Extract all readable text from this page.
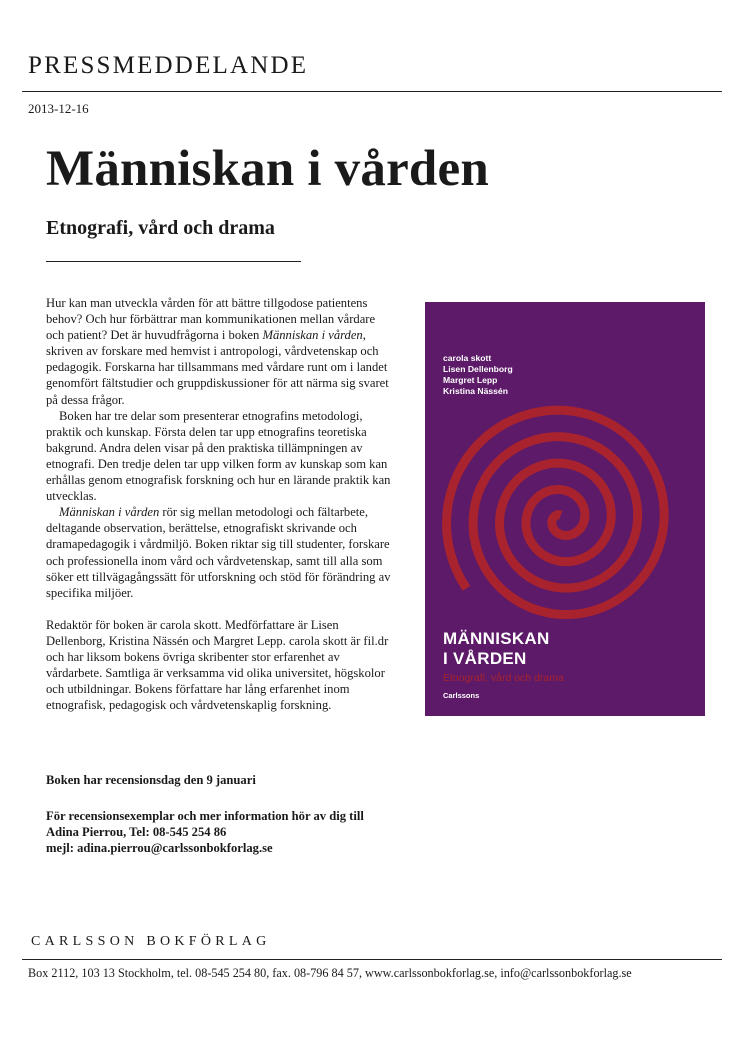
PRESSMEDDELANDE
2013-12-16
Människan i vården
Etnografi, vård och drama

Hur kan man utveckla vården för att bättre tillgodose patientens behov? Och hur förbättrar man kommunikationen mellan vårdare och patient? Det är huvudfrågorna i boken Människan i vården, skriven av forskare med hemvist i antropologi, vårdvetenskap och pedagogik. Forskarna har tillsammans med vårdare runt om i landet genomfört fältstudier och gruppdiskussioner för att närma sig svaret på dessa frågor.

Boken har tre delar som presenterar etnografins metodologi, praktik och kunskap. Första delen tar upp etnografins teoretiska bakgrund. Andra delen visar på den praktiska tillämpningen av etnografi. Den tredje delen tar upp vilken form av kunskap som kan erhållas genom etnografisk forskning och hur en lärande praktik kan utvecklas.

Människan i vården rör sig mellan metodologi och fältarbete, deltagande observation, berättelse, etnografiskt skrivande och dramapedagogik i vårdmiljö. Boken riktar sig till studenter, forskare och professionella inom vård och vårdvetenskap, samt till alla som söker ett tillvägagångssätt för utforskning och stöd för förändring av specifika miljöer.

Redaktör för boken är carola skott. Medförfattare är Lisen Dellenborg, Kristina Nässén och Margret Lepp. carola skott är fil.dr och har liksom bokens övriga skribenter stor erfarenhet av vårdarbete. Samtliga är verksamma vid olika universitet, högskolor och utbildningar. Bokens författare har lång erfarenhet inom etnografisk, pedagogisk och vårdvetenskaplig forskning.

Boken har recensionsdag den 9 januari
För recensionsexemplar och mer information hör av dig till
Adina Pierrou, Tel: 08-545 254 86
mejl: adina.pierrou@carlssonbokforlag.se
carola skott
Lisen Dellenborg
Margret Lepp
Kristina Nässén
MÄNNISKAN
I VÅRDEN
Etnografi, vård och drama
Carlssons
CARLSSON BOKFÖRLAG
Box 2112, 103 13 Stockholm, tel. 08-545 254 80, fax. 08-796 84 57, www.carlssonbokforlag.se, info@carlssonbokforlag.se
